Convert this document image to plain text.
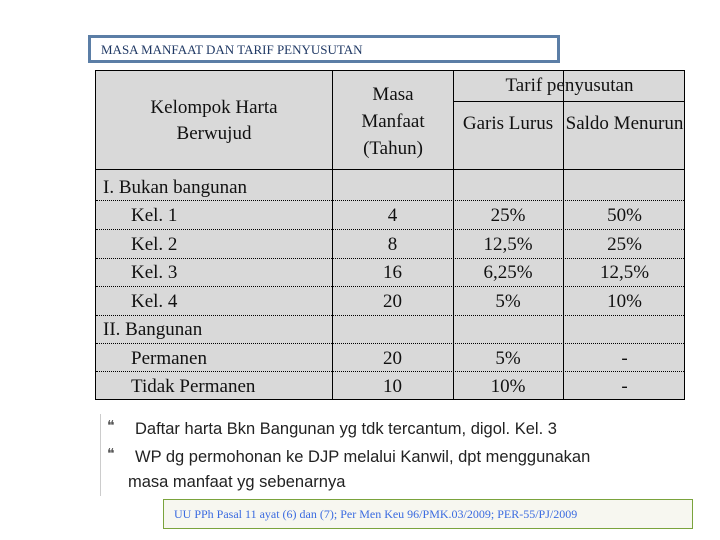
MASA MANFAAT DAN TARIF PENYUSUTAN
Kelompok Harta Berwujud
Masa Manfaat (Tahun)
Tarif penyusutan
Garis Lurus Saldo Menurun
I. Bukan bangunan
Kel. 1
Kel. 2
Kel. 3
Kel. 4
II. Bangunan
Permanen
Tidak Permanen
4
8
16
20
20
10
25%
12,5%
6,25%
5%
5%
10%
50%
25%
12,5%
10%
-
-
❝ Daftar harta Bkn Bangunan yg tdk tercantum, digol. Kel. 3
❝ WP dg permohonan ke DJP melalui Kanwil, dpt menggunakan
masa manfaat yg sebenarnya
UU PPh Pasal 11 ayat (6) dan (7); Per Men Keu 96/PMK.03/2009; PER-55/PJ/2009
